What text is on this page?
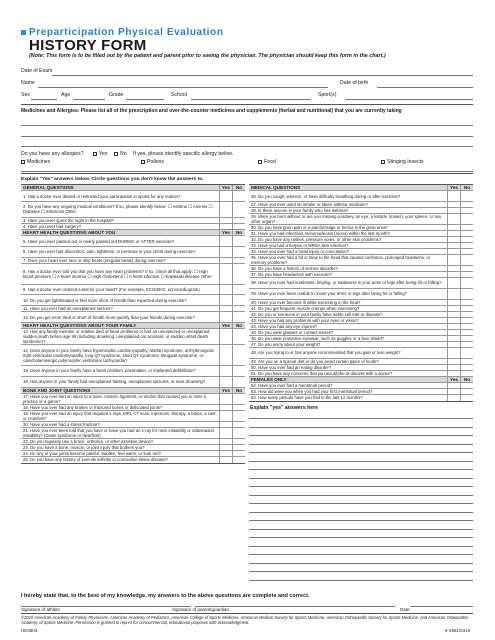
Preparticipation Physical Evaluation
HISTORY FORM
(Note: This form is to be filled out by the patient and parent prior to seeing the physician. The physician should keep this form in the chart.)
Date of Exam
Name	Date of birth
Sex	Age	Grade	School	Sport(s)
Medicines and Allergies: Please list all of the prescription and over-the-counter medicines and supplements (herbal and nutritional) that you are currently taking
Do you have any allergies?	Yes	No If yes, please identify specific allergy below.
Medicines	Pollens	Food	Stinging Insects
Explain "Yes" answers below. Circle questions you don't know the answers to.
GENERAL QUESTIONS	Yes	No
1. Has a doctor ever denied or restricted your participation in sports for any reason?
2. Do you have any ongoing medical conditions? If so, please identify below: ☐ Asthma ☐ Anemia ☐ Diabetes ☐ Infections Other:
3. Have you ever spent the night in the hospital?
4. Have you ever had surgery?
HEART HEALTH QUESTIONS ABOUT YOU	Yes	No
5. Have you ever passed out or nearly passed out DURING or AFTER exercise?
6. Have you ever had discomfort, pain, tightness, or pressure in your chest during exercise?
7. Does your heart ever race or skip beats (irregular beats) during exercise?
8. Has a doctor ever told you that you have any heart problems? If so, check all that apply: ☐ High blood pressure ☐ A heart murmur ☐ High cholesterol ☐ A heart infection ☐ Kawasaki disease Other:
9. Has a doctor ever ordered a test for your heart? (For example, ECG/EKG, echocardiogram)
10. Do you get lightheaded or feel more short of breath than expected during exercise?
11. Have you ever had an unexplained seizure?
12. Do you get more tired or short of breath more quickly than your friends during exercise?
HEART HEALTH QUESTIONS ABOUT YOUR FAMILY	Yes	No
13. Has any family member or relative died of heart problems or had an unexpected or unexplained sudden death before age 50 (including drowning, unexplained car accident, or sudden infant death syndrome)?
14. Does anyone in your family have hypertrophic cardiomyopathy, Marfan syndrome, arrhythmogenic right ventricular cardiomyopathy, long QT syndrome, short QT syndrome, Brugada syndrome, or catecholaminergic polymorphic ventricular tachycardia?
15. Does anyone in your family have a heart problem, pacemaker, or implanted defibrillator?
16. Has anyone in your family had unexplained fainting, unexplained seizures, or near drowning?
BONE AND JOINT QUESTIONS	Yes	No
17. Have you ever had an injury to a bone, muscle, ligament, or tendon that caused you to miss a practice or a game?
18. Have you ever had any broken or fractured bones or dislocated joints?
19. Have you ever had an injury that required x-rays, MRI, CT scan, injections, therapy, a brace, a cast, or crutches?
20. Have you ever had a stress fracture?
21. Have you ever been told that you have or have you had an x-ray for neck instability or atlantoaxial instability? (Down syndrome or dwarfism)
22. Do you regularly use a brace, orthotics, or other assistive device?
23. Do you have a bone, muscle, or joint injury that bothers you?
24. Do any of your joints become painful, swollen, feel warm, or look red?
25. Do you have any history of juvenile arthritis or connective tissue disease?
MEDICAL QUESTIONS	Yes	No
26. Do you cough, wheeze, or have difficulty breathing during or after exercise?
27. Have you ever used an inhaler or taken asthma medicine?
28. Is there anyone in your family who has asthma?
29. Were you born without or are you missing a kidney, an eye, a testicle (males), your spleen, or any other organ?
30. Do you have groin pain or a painful bulge or hernia in the groin area?
31. Have you had infectious mononucleosis (mono) within the last month?
32. Do you have any rashes, pressure sores, or other skin problems?
33. Have you had a herpes or MRSA skin infection?
34. Have you ever had a head injury or concussion?
35. Have you ever had a hit or blow to the head that caused confusion, prolonged headache, or memory problems?
36. Do you have a history of seizure disorder?
37. Do you have headaches with exercise?
38. Have you ever had numbness, tingling, or weakness in your arms or legs after being hit or falling?
39. Have you ever been unable to move your arms or legs after being hit or falling?
40. Have you ever become ill while exercising in the heat?
41. Do you get frequent muscle cramps when exercising?
42. Do you or someone in your family have sickle cell trait or disease?
43. Have you had any problems with your eyes or vision?
44. Have you had any eye injuries?
45. Do you wear glasses or contact lenses?
46. Do you wear protective eyewear, such as goggles or a face shield?
47. Do you worry about your weight?
48. Are you trying to or has anyone recommended that you gain or lose weight?
49. Are you on a special diet or do you avoid certain types of foods?
50. Have you ever had an eating disorder?
51. Do you have any concerns that you would like to discuss with a doctor?
FEMALES ONLY	Yes	No
52. Have you ever had a menstrual period?
53. How old were you when you had your first menstrual period?
54. How many periods have you had in the last 12 months?
Explain "yes" answers here
I hereby state that, to the best of my knowledge, my answers to the above questions are complete and correct.
Signature of athlete	Signature of parent/guardian	Date
©2010 American Academy of Family Physicians, American Academy of Pediatrics, American College of Sports Medicine, American Medical Society for Sports Medicine, American Orthopaedic Society for Sports Medicine, and American Osteopathic Academy of Sports Medicine. Permission is granted to reprint for noncommercial, educational purposes with acknowledgment.
HE0503	9-2681/0410
